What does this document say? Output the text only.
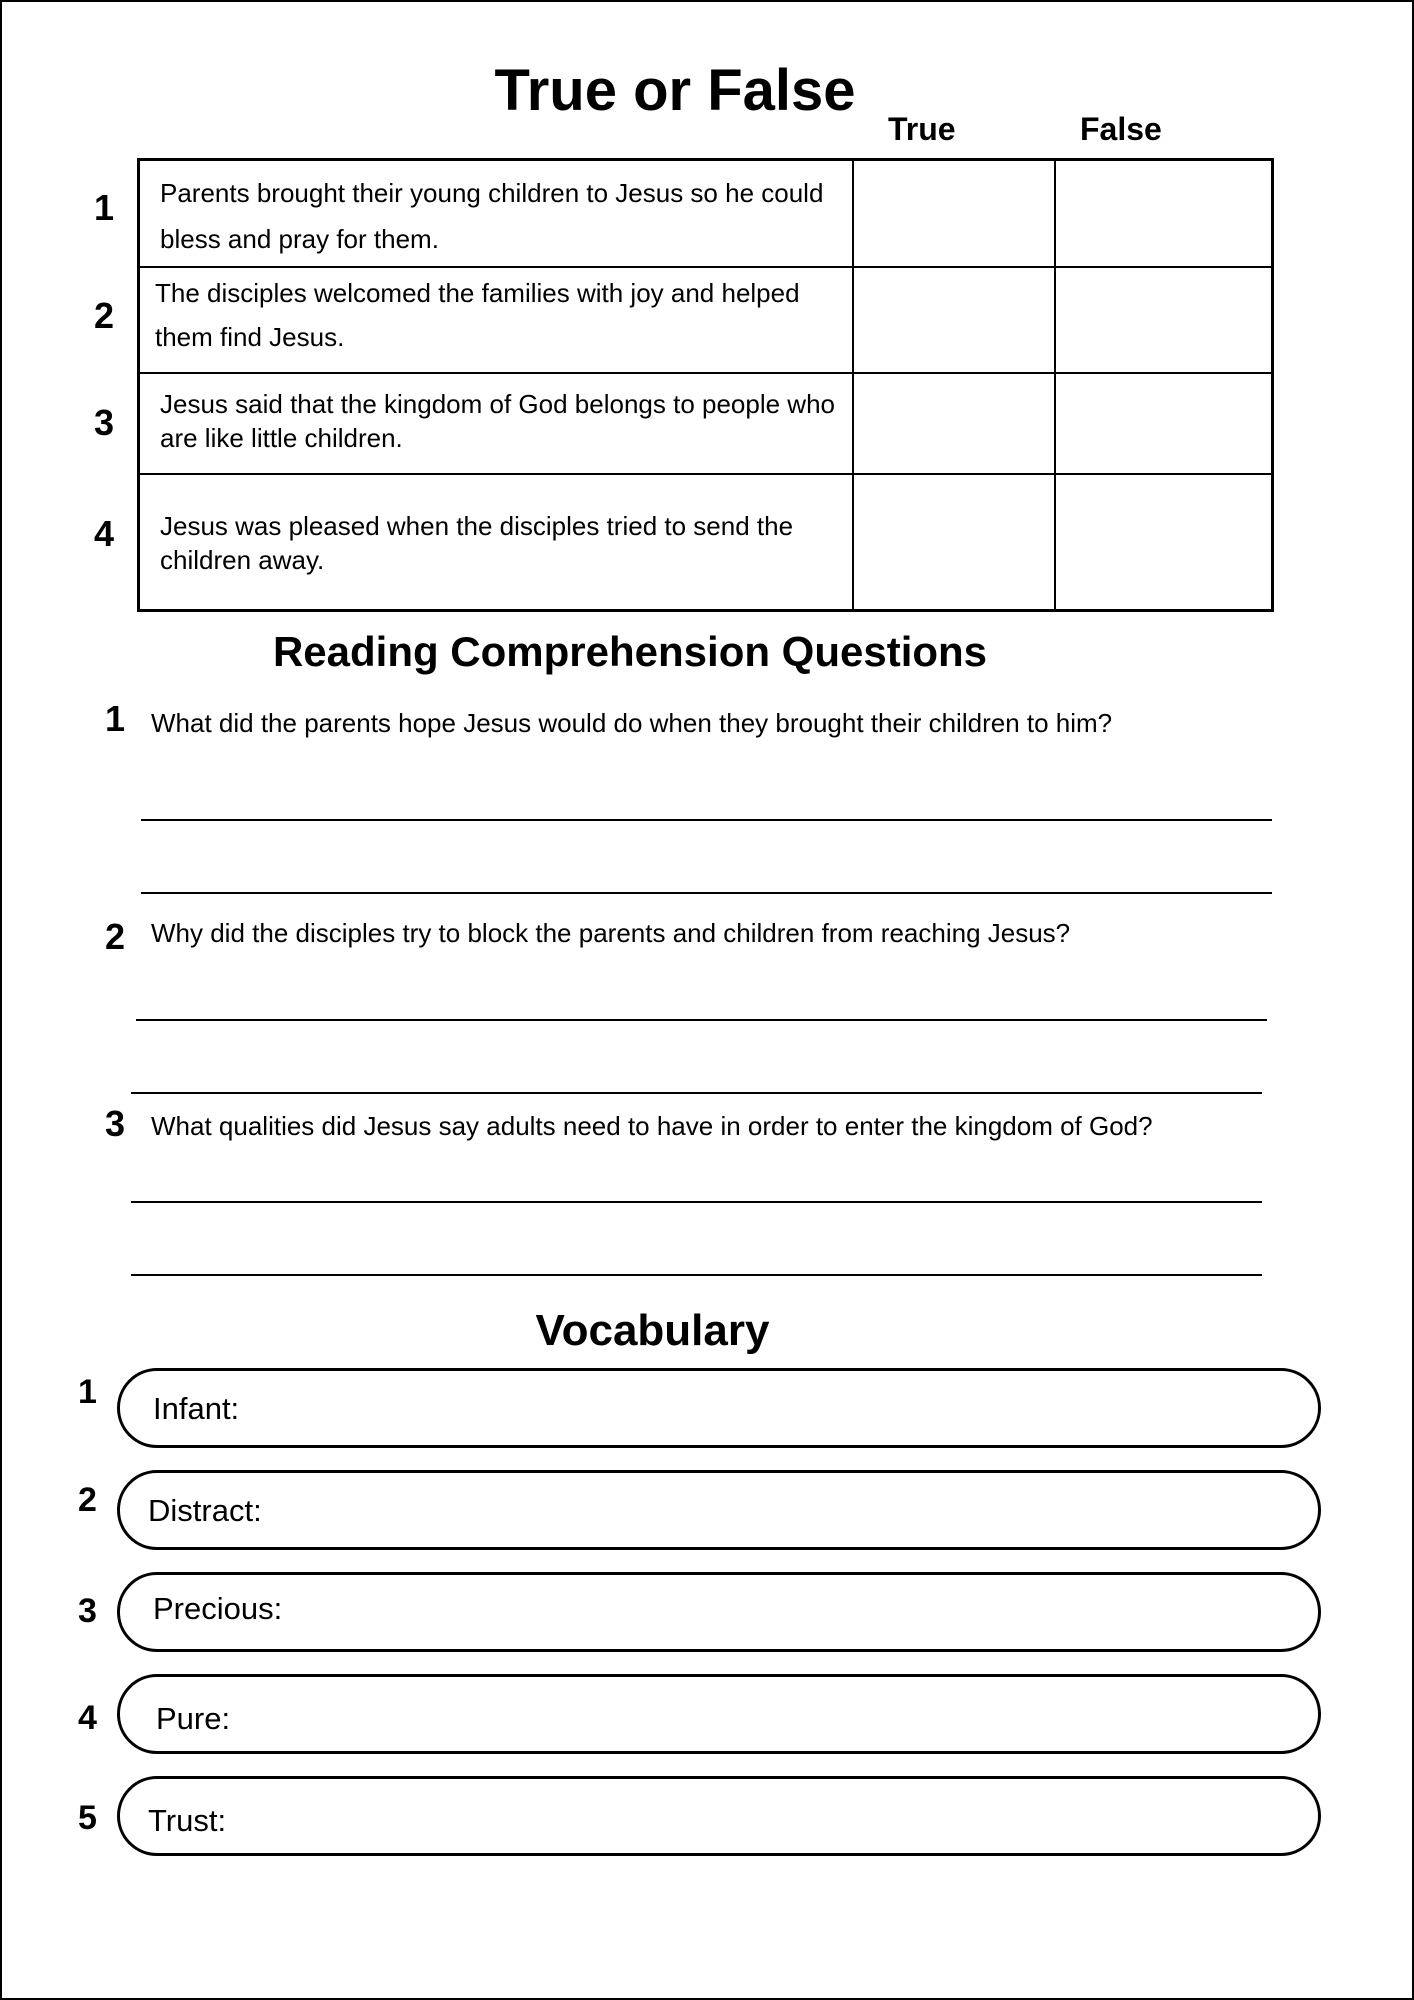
True or False
True	False
1
2
3
4
Parents brought their young children to Jesus so he could bless and pray for them.
The disciples welcomed the families with joy and helped them find Jesus.
Jesus said that the kingdom of God belongs to people who are like little children.
Jesus was pleased when the disciples tried to send the children away.
Reading Comprehension Questions
1 What did the parents hope Jesus would do when they brought their children to him?
2 Why did the disciples try to block the parents and children from reaching Jesus?
3 What qualities did Jesus say adults need to have in order to enter the kingdom of God?
Vocabulary
1 Infant:
2 Distract:
3 Precious:
4 Pure:
5 Trust:
